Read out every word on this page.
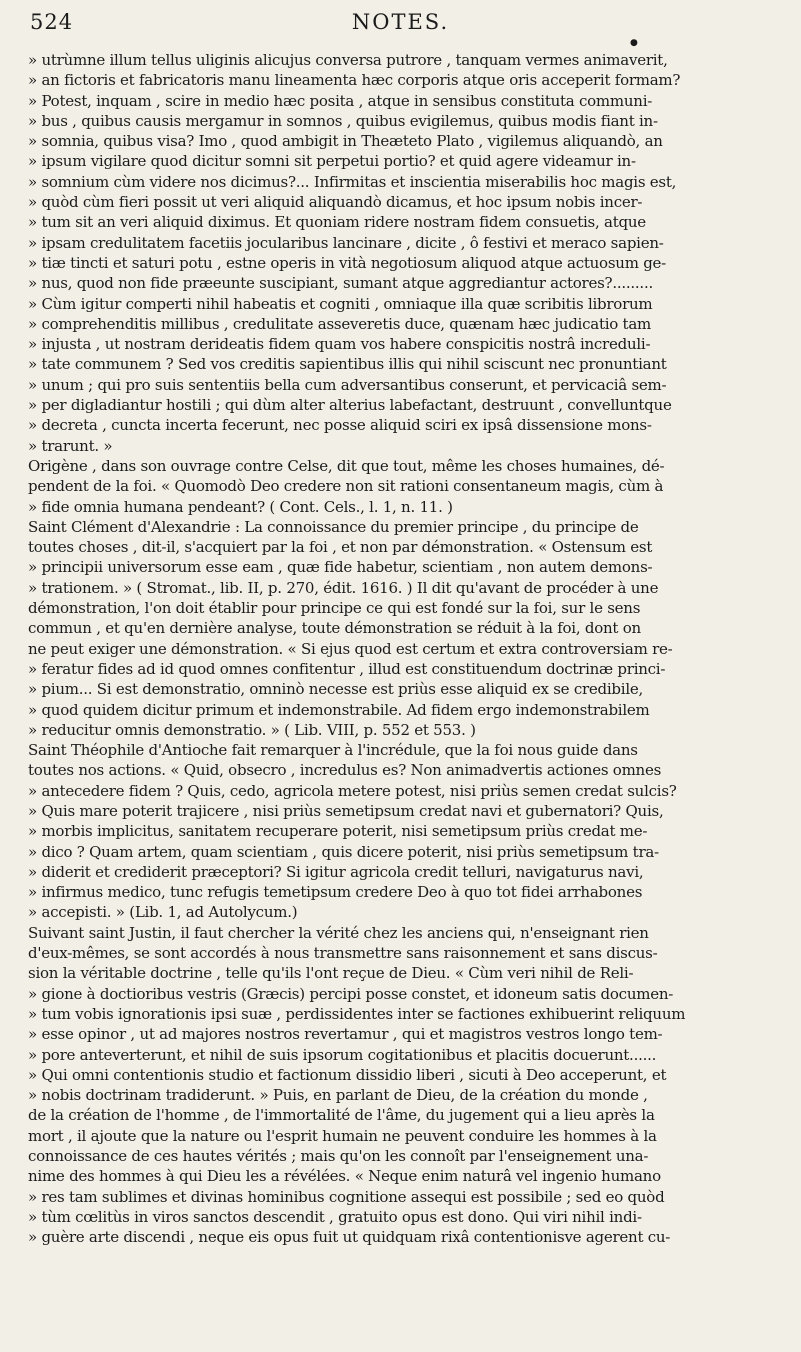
524	NOTES.
●
» utrùmne illum tellus uliginis alicujus conversa putrore , tanquam vermes animaverit,
» an fictoris et fabricatoris manu lineamenta hæc corporis atque oris acceperit formam?
» Potest, inquam , scire in medio hæc posita , atque in sensibus constituta communi-
» bus , quibus causis mergamur in somnos , quibus evigilemus, quibus modis fiant in-
» somnia, quibus visa? Imo , quod ambigit in Theæteto Plato , vigilemus aliquandò, an
» ipsum vigilare quod dicitur somni sit perpetui portio? et quid agere videamur in-
» somnium cùm videre nos dicimus?... Infirmitas et inscientia miserabilis hoc magis est,
» quòd cùm fieri possit ut veri aliquid aliquandò dicamus, et hoc ipsum nobis incer-
» tum sit an veri aliquid diximus. Et quoniam ridere nostram fidem consuetis, atque
» ipsam credulitatem facetiis jocularibus lancinare , dicite , ô festivi et meraco sapien-
» tiæ tincti et saturi potu , estne operis in vità negotiosum aliquod atque actuosum ge-
» nus, quod non fide præeunte suscipiant, sumant atque aggrediantur actores?.........
» Cùm igitur comperti nihil habeatis et cogniti , omniaque illa quæ scribitis librorum
» comprehenditis millibus , credulitate asseveretis duce, quænam hæc judicatio tam
» injusta , ut nostram derideatis fidem quam vos habere conspicitis nostrâ increduli-
» tate communem ? Sed vos creditis sapientibus illis qui nihil sciscunt nec pronuntiant
» unum ; qui pro suis sententiis bella cum adversantibus conserunt, et pervicaciâ sem-
» per digladiantur hostili ; qui dùm alter alterius labefactant, destruunt , convelluntque
» decreta , cuncta incerta fecerunt, nec posse aliquid sciri ex ipsâ dissensione mons-
» trarunt. »
Origène , dans son ouvrage contre Celse, dit que tout, même les choses humaines, dé-
pendent de la foi. « Quomodò Deo credere non sit rationi consentaneum magis, cùm à
» fide omnia humana pendeant? ( Cont. Cels., l. 1, n. 11. )
Saint Clément d'Alexandrie : La connoissance du premier principe , du principe de
toutes choses , dit-il, s'acquiert par la foi , et non par démonstration. « Ostensum est
» principii universorum esse eam , quæ fide habetur, scientiam , non autem demons-
» trationem. » ( Stromat., lib. II, p. 270, édit. 1616. ) Il dit qu'avant de procéder à une
démonstration, l'on doit établir pour principe ce qui est fondé sur la foi, sur le sens
commun , et qu'en dernière analyse, toute démonstration se réduit à la foi, dont on
ne peut exiger une démonstration. « Si ejus quod est certum et extra controversiam re-
» feratur fides ad id quod omnes confitentur , illud est constituendum doctrinæ princi-
» pium... Si est demonstratio, omninò necesse est priùs esse aliquid ex se credibile,
» quod quidem dicitur primum et indemonstrabile. Ad fidem ergo indemonstrabilem
» reducitur omnis demonstratio. » ( Lib. VIII, p. 552 et 553. )
Saint Théophile d'Antioche fait remarquer à l'incrédule, que la foi nous guide dans
toutes nos actions. « Quid, obsecro , incredulus es? Non animadvertis actiones omnes
» antecedere fidem ? Quis, cedo, agricola metere potest, nisi priùs semen credat sulcis?
» Quis mare poterit trajicere , nisi priùs semetipsum credat navi et gubernatori? Quis,
» morbis implicitus, sanitatem recuperare poterit, nisi semetipsum priùs credat me-
» dico ? Quam artem, quam scientiam , quis dicere poterit, nisi priùs semetipsum tra-
» diderit et crediderit præceptori? Si igitur agricola credit telluri, navigaturus navi,
» infirmus medico, tunc refugis temetipsum credere Deo à quo tot fidei arrhabones
» accepisti. » (Lib. 1, ad Autolycum.)
Suivant saint Justin, il faut chercher la vérité chez les anciens qui, n'enseignant rien
d'eux-mêmes, se sont accordés à nous transmettre sans raisonnement et sans discus-
sion la véritable doctrine , telle qu'ils l'ont reçue de Dieu. « Cùm veri nihil de Reli-
» gione à doctioribus vestris (Græcis) percipi posse constet, et idoneum satis documen-
» tum vobis ignorationis ipsi suæ , perdissidentes inter se factiones exhibuerint reliquum
» esse opinor , ut ad majores nostros revertamur , qui et magistros vestros longo tem-
» pore anteverterunt, et nihil de suis ipsorum cogitationibus et placitis docuerunt......
» Qui omni contentionis studio et factionum dissidio liberi , sicuti à Deo acceperunt, et
» nobis doctrinam tradiderunt. » Puis, en parlant de Dieu, de la création du monde ,
de la création de l'homme , de l'immortalité de l'âme, du jugement qui a lieu après la
mort , il ajoute que la nature ou l'esprit humain ne peuvent conduire les hommes à la
connoissance de ces hautes vérités ; mais qu'on les connoît par l'enseignement una-
nime des hommes à qui Dieu les a révélées. « Neque enim naturâ vel ingenio humano
» res tam sublimes et divinas hominibus cognitione assequi est possibile ; sed eo quòd
» tùm cœlitùs in viros sanctos descendit , gratuito opus est dono. Qui viri nihil indi-
» guère arte discendi , neque eis opus fuit ut quidquam rixâ contentionisve agerent cu-
